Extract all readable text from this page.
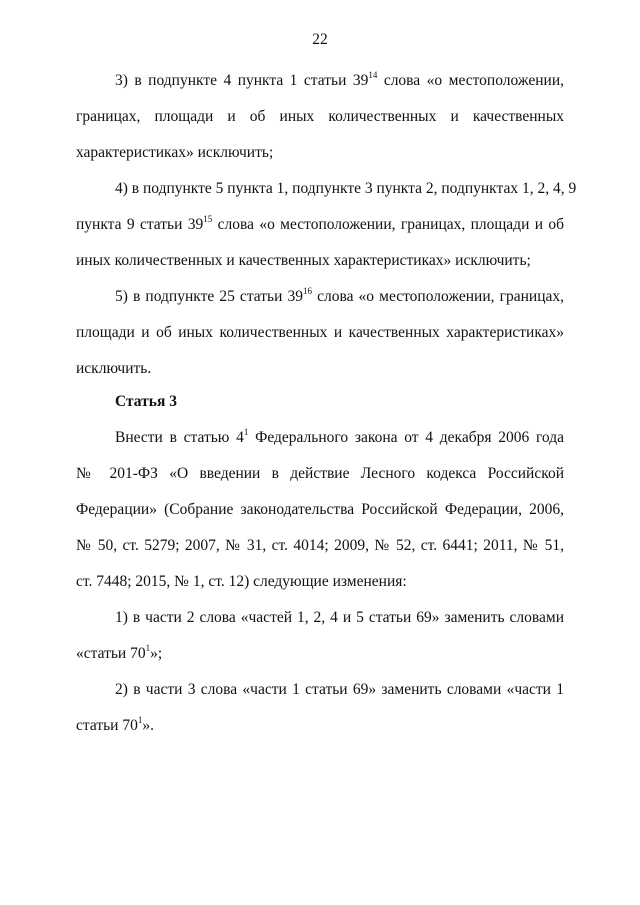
22
3) в подпункте 4 пункта 1 статьи $39^{14}$ слова «о местоположении,
границах, площади и об иных количественных и качественных
характеристиках» исключить;
4) в подпункте 5 пункта 1, подпункте 3 пункта 2, подпунктах 1, 2, 4, 9
пункта 9 статьи $39^{15}$ слова «о местоположении, границах, площади и об
иных количественных и качественных характеристиках» исключить;
5) в подпункте 25 статьи $39^{16}$ слова «о местоположении, границах,
площади и об иных количественных и качественных характеристиках»
исключить.
Статья 3
Внести в статью $4^1$ Федерального закона от 4 декабря 2006 года
№ 201-ФЗ «О введении в действие Лесного кодекса Российской
Федерации» (Собрание законодательства Российской Федерации, 2006,
№ 50, ст. 5279; 2007, № 31, ст. 4014; 2009, № 52, ст. 6441; 2011, № 51,
ст. 7448; 2015, № 1, ст. 12) следующие изменения:
1) в части 2 слова «частей 1, 2, 4 и 5 статьи 69» заменить словами
«статьи $70^1$»;
2) в части 3 слова «части 1 статьи 69» заменить словами «части 1
статьи $70^1$».
